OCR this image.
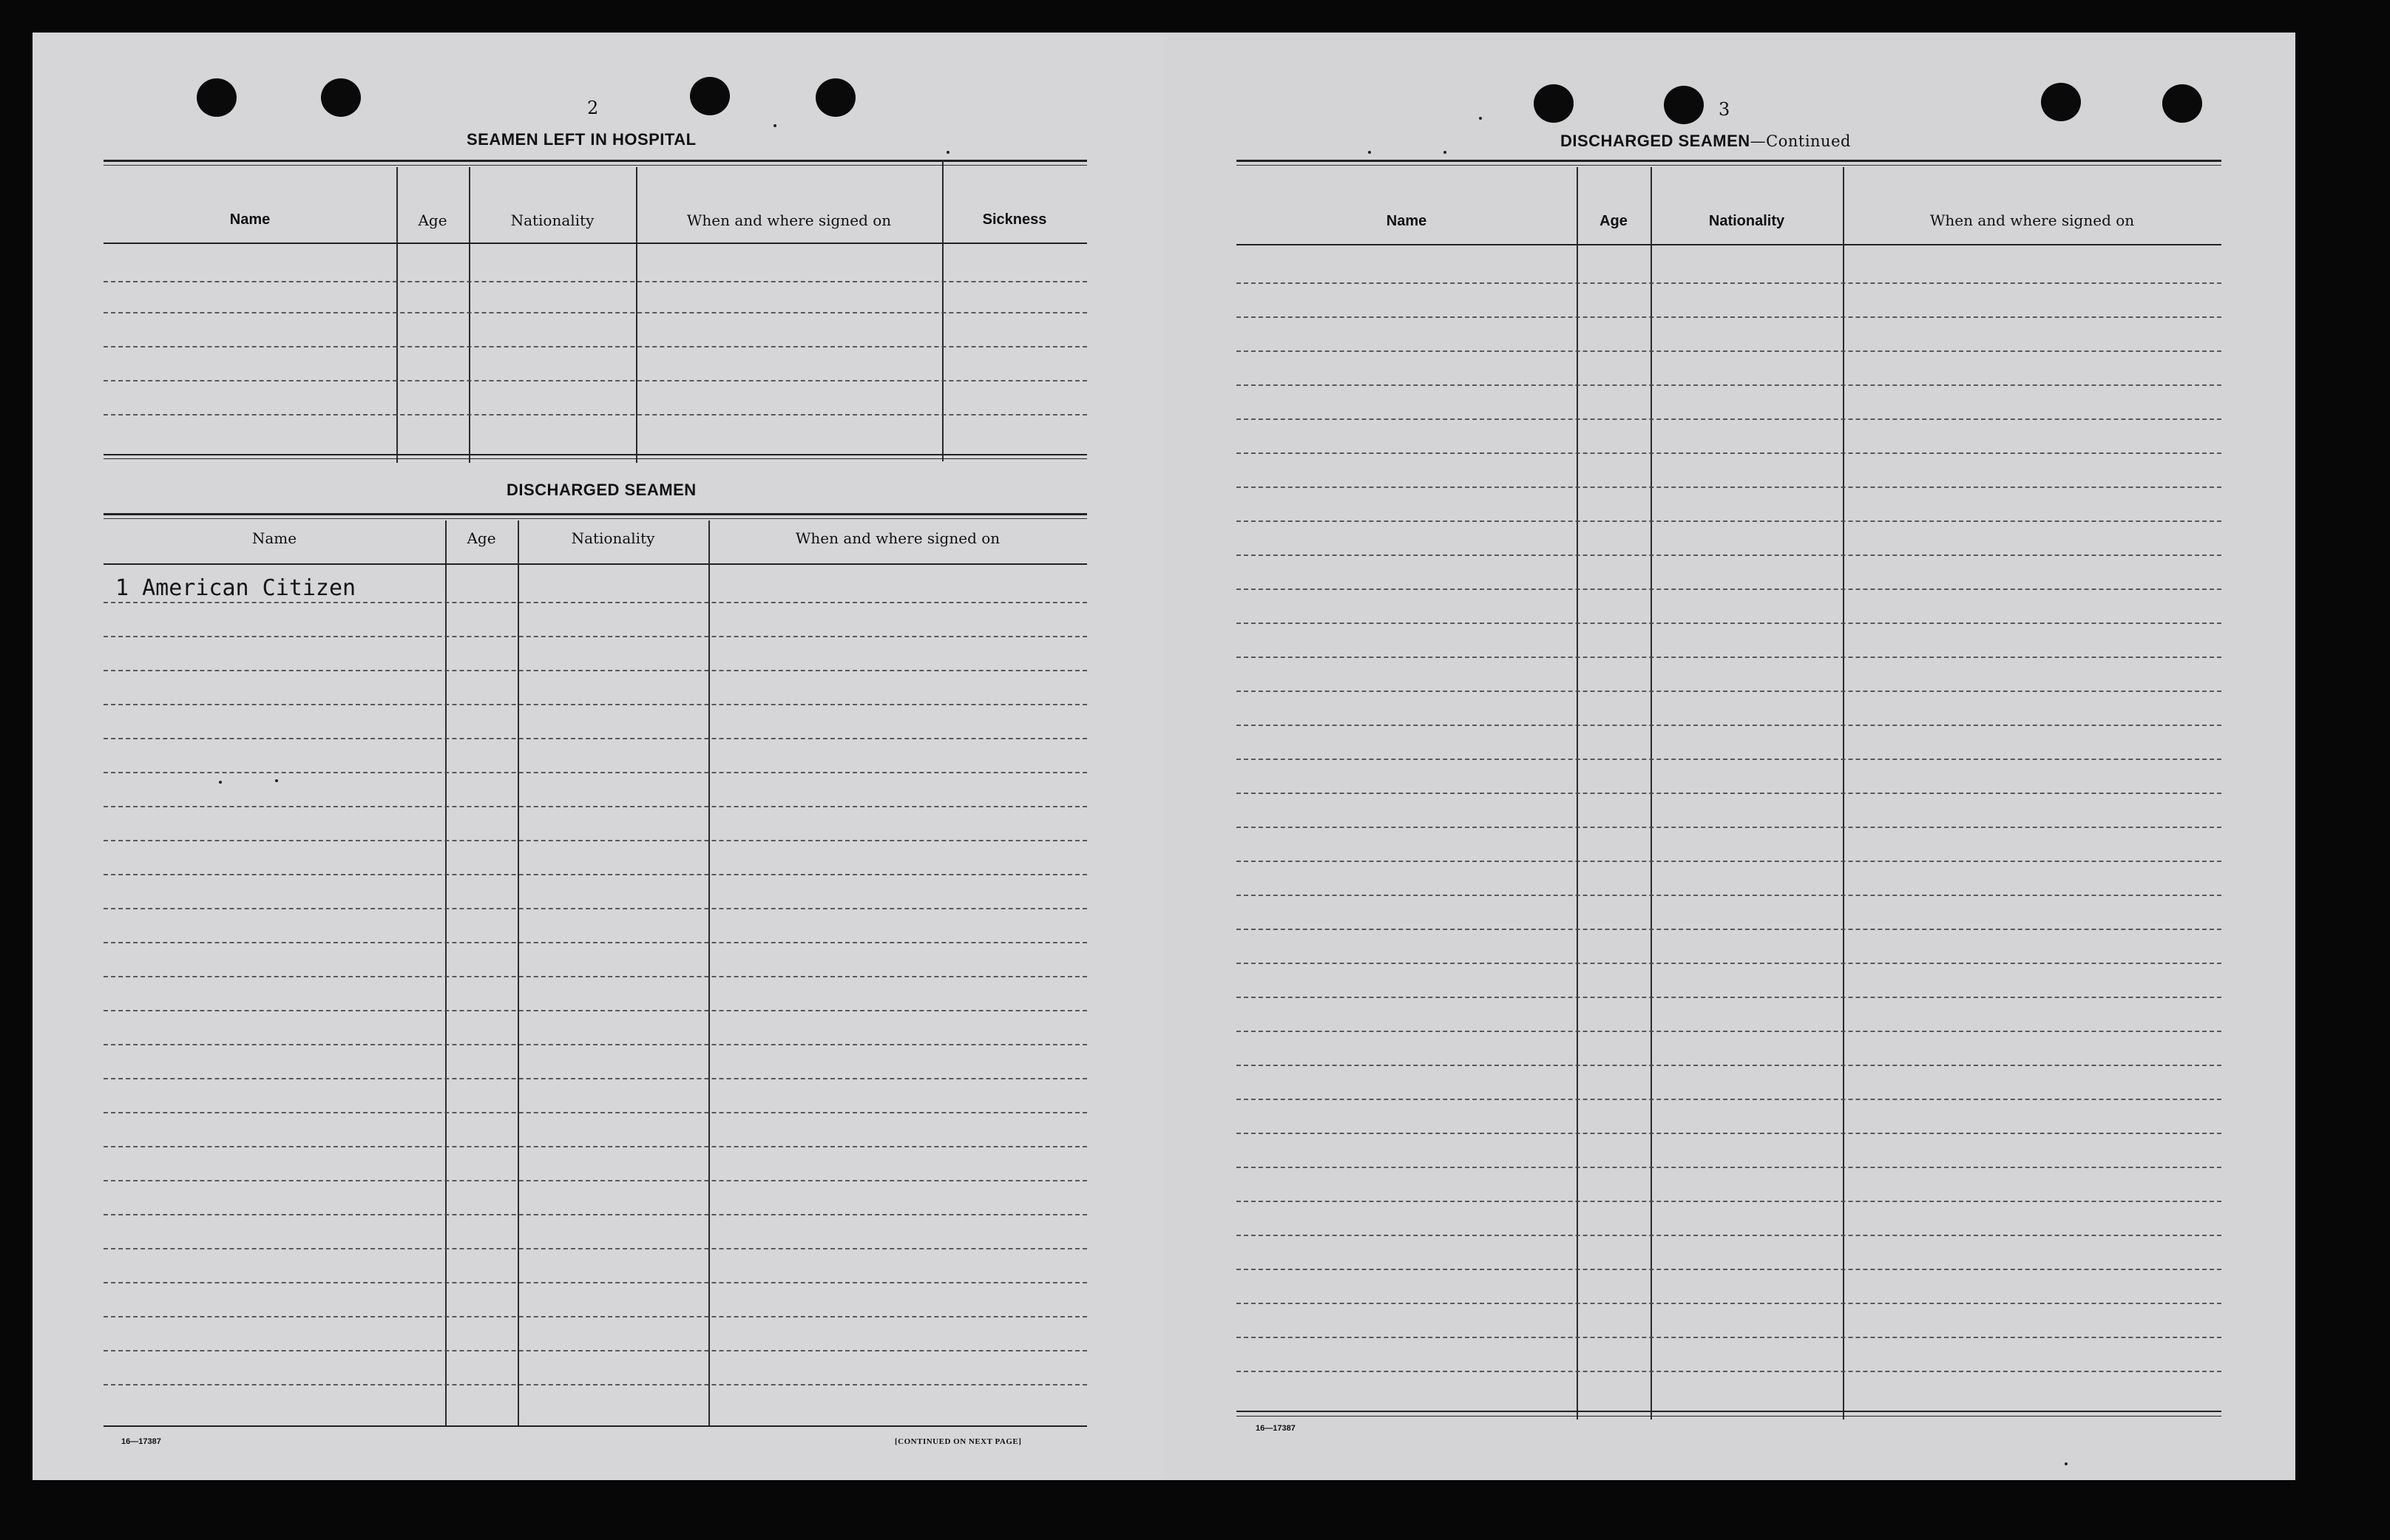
2
SEAMEN LEFT IN HOSPITAL
Name	Age	Nationality	When and where signed on	Sickness
DISCHARGED SEAMEN
Name	Age	Nationality	When and where signed on
1 American Citizen
16—17387	[CONTINUED ON NEXT PAGE]
3
DISCHARGED SEAMEN—Continued
Name	Age	Nationality	When and where signed on
16—17387
